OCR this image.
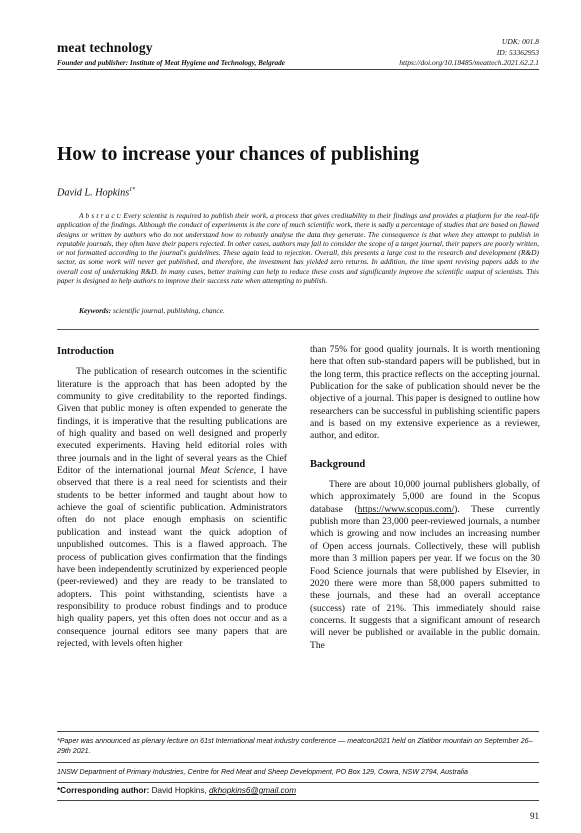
meat technology
Founder and publisher: Institute of Meat Hygiene and Technology, Belgrade
UDK: 001.8
ID: 53362953
https://doi.org/10.18485/meattech.2021.62.2.1
How to increase your chances of publishing
David L. Hopkins$^{1*}$

A b s t r a c t: Every scientist is required to publish their work, a process that gives creditability to their findings and provides a platform for the real-life application of the findings. Although the conduct of experiments is the core of much scientific work, there is sadly a percentage of studies that are based on flawed designs or written by authors who do not understand how to robustly analyse the data they generate. The consequence is that when they attempt to publish in reputable journals, they often have their papers rejected. In other cases, authors may fail to consider the scope of a target journal, their papers are poorly written, or not formatted according to the journal's guidelines. These again lead to rejection. Overall, this presents a large cost to the research and development (R&D) sector, as some work will never get published, and therefore, the investment has yielded zero returns. In addition, the time spent revising papers adds to the overall cost of undertaking R&D. In many cases, better training can help to reduce these costs and significantly improve the scientific output of scientists. This paper is designed to help authors to improve their success rate when attempting to publish.

Keywords: scientific journal, publishing, chance.
Introduction

The publication of research outcomes in the scientific literature is the approach that has been adopted by the community to give creditability to the reported findings. Given that public money is often expended to generate the findings, it is imperative that the resulting publications are of high quality and based on well designed and properly executed experiments. Having held editorial roles with three journals and in the light of several years as the Chief Editor of the international journal Meat Science, I have observed that there is a real need for scientists and their students to be better informed and taught about how to achieve the goal of scientific publication. Administrators often do not place enough emphasis on scientific publication and instead want the quick adoption of unpublished outcomes. This is a flawed approach. The process of publication gives confirmation that the findings have been independently scrutinized by experienced people (peer-reviewed) and they are ready to be translated to adopters. This point withstanding, scientists have a responsibility to produce robust findings and to produce high quality papers, yet this often does not occur and as a consequence journal editors see many papers that are rejected, with levels often higher

than 75% for good quality journals. It is worth mentioning here that often sub-standard papers will be published, but in the long term, this practice reflects on the accepting journal. Publication for the sake of publication should never be the objective of a journal. This paper is designed to outline how researchers can be successful in publishing scientific papers and is based on my extensive experience as a reviewer, author, and editor.

Background

There are about 10,000 journal publishers globally, of which approximately 5,000 are found in the Scopus database (https://www.scopus.com/). These currently publish more than 23,000 peer-reviewed journals, a number which is growing and now includes an increasing number of Open access journals. Collectively, these will publish more than 3 million papers per year. If we focus on the 30 Food Science journals that were published by Elsevier, in 2020 there were more than 58,000 papers submitted to these journals, and these had an overall acceptance (success) rate of 21%. This immediately should raise concerns. It suggests that a significant amount of research will never be published or available in the public domain. The

*Paper was announced as plenary lecture on 61st International meat industry conference — meatcon2021 held on Zlatibor mountain on September 26–29th 2021.
1NSW Department of Primary Industries, Centre for Red Meat and Sheep Development, PO Box 129, Cowra, NSW 2794, Australia
*Corresponding author: David Hopkins, dkhopkins6@gmail.com
91
